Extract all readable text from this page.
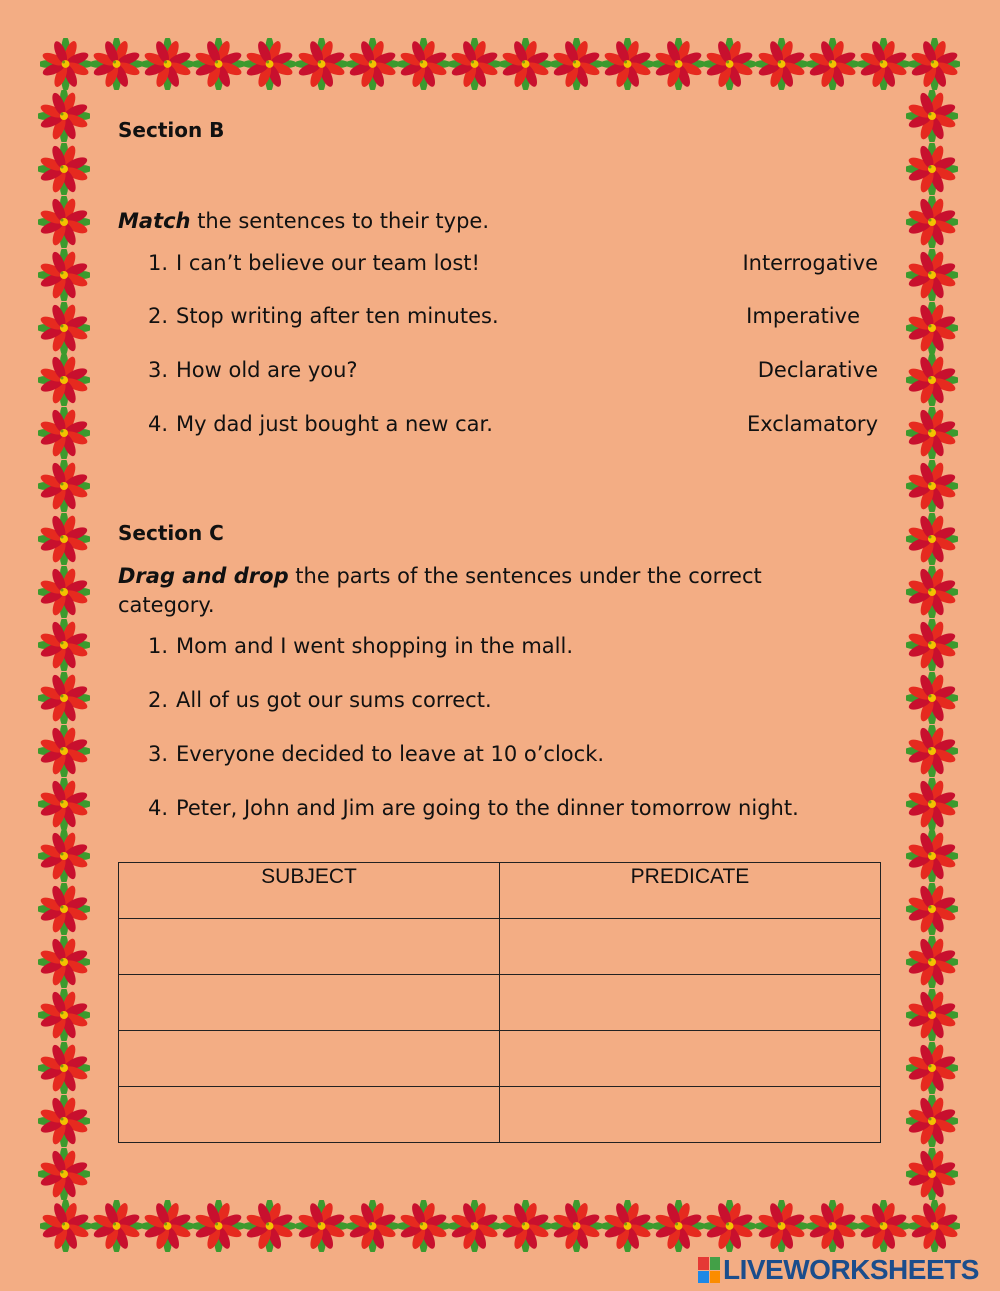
Section B
Match the sentences to their type.
1. I can’t believe our team lost!	Interrogative
2. Stop writing after ten minutes.	Imperative
3. How old are you?	Declarative
4. My dad just bought a new car.	Exclamatory
Section C
Drag and drop the parts of the sentences under the correct category.
1. Mom and I went shopping in the mall.
2. All of us got our sums correct.
3. Everyone decided to leave at 10 o’clock.
4. Peter, John and Jim are going to the dinner tomorrow night.
SUBJECT	PREDICATE

LIVEWORKSHEETS
